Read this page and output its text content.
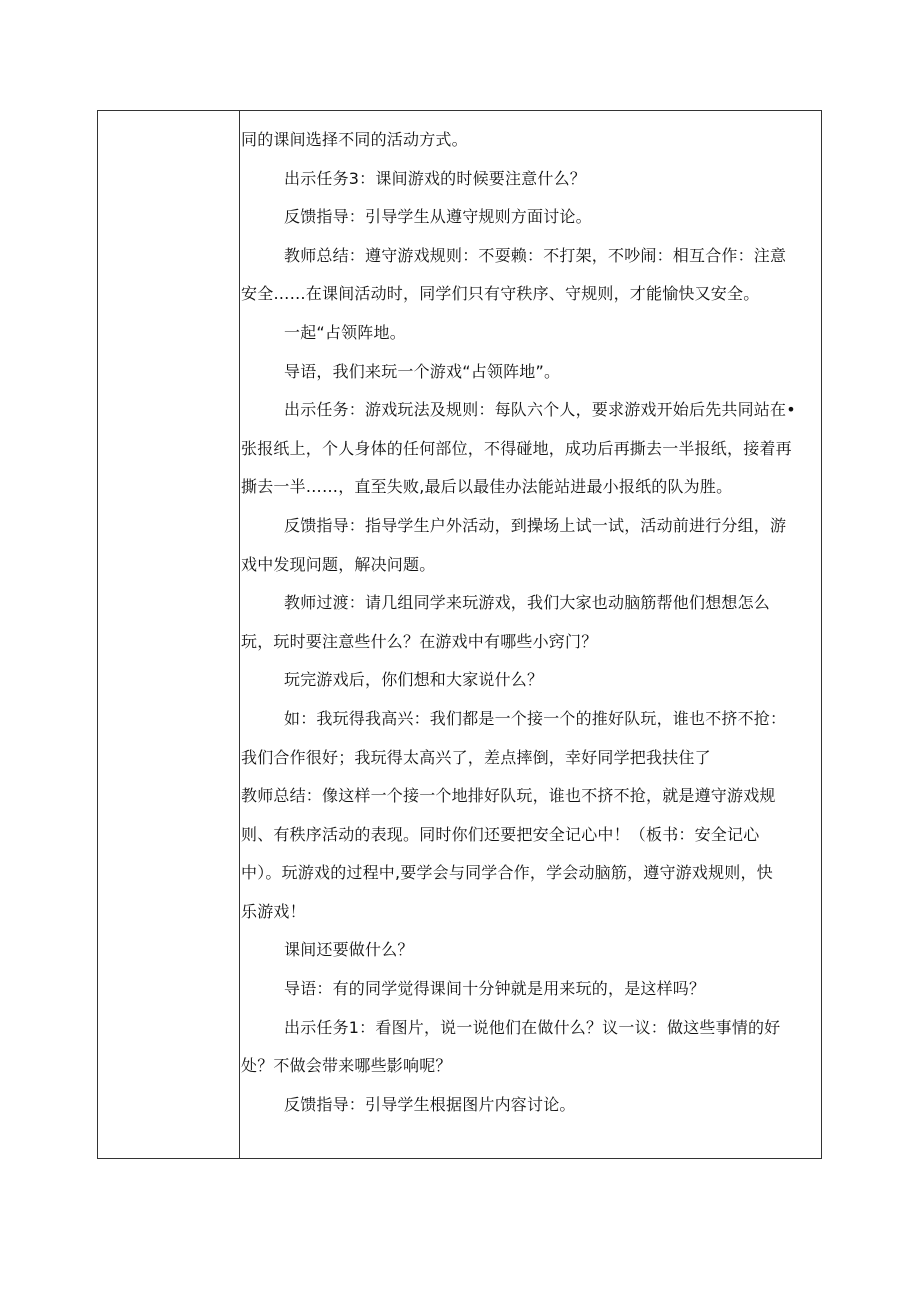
同的课间选择不同的活动方式。

出示任务3：课间游戏的时候要注意什么？

反馈指导：引导学生从遵守规则方面讨论。

教师总结：遵守游戏规则：不耍赖：不打架，不吵闹：相互合作：注意

安全……在课间活动时，同学们只有守秩序、守规则，才能愉快又安全。

一起“占领阵地。

导语，我们来玩一个游戏“占领阵地”。

出示任务：游戏玩法及规则：每队六个人，要求游戏开始后先共同站在•

张报纸上，个人身体的任何部位，不得碰地，成功后再撕去一半报纸，接着再

撕去一半……，直至失败,最后以最佳办法能站进最小报纸的队为胜。

反馈指导：指导学生户外活动，到操场上试一试，活动前进行分组，游

戏中发现问题，解决问题。

教师过渡：请几组同学来玩游戏，我们大家也动脑筋帮他们想想怎么

玩，玩时要注意些什么？在游戏中有哪些小窍门？

玩完游戏后，你们想和大家说什么？

如：我玩得我高兴：我们都是一个接一个的推好队玩，谁也不挤不抢：

我们合作很好；我玩得太高兴了，差点摔倒，幸好同学把我扶住了

教师总结：像这样一个接一个地排好队玩，谁也不挤不抢，就是遵守游戏规

则、有秩序活动的表现。同时你们还要把安全记心中！（板书：安全记心

中）。玩游戏的过程中,要学会与同学合作，学会动脑筋，遵守游戏规则，快

乐游戏！

课间还要做什么？

导语：有的同学觉得课间十分钟就是用来玩的，是这样吗？

出示任务1：看图片，说一说他们在做什么？议一议：做这些事情的好

处？不做会带来哪些影响呢？

反馈指导：引导学生根据图片内容讨论。
